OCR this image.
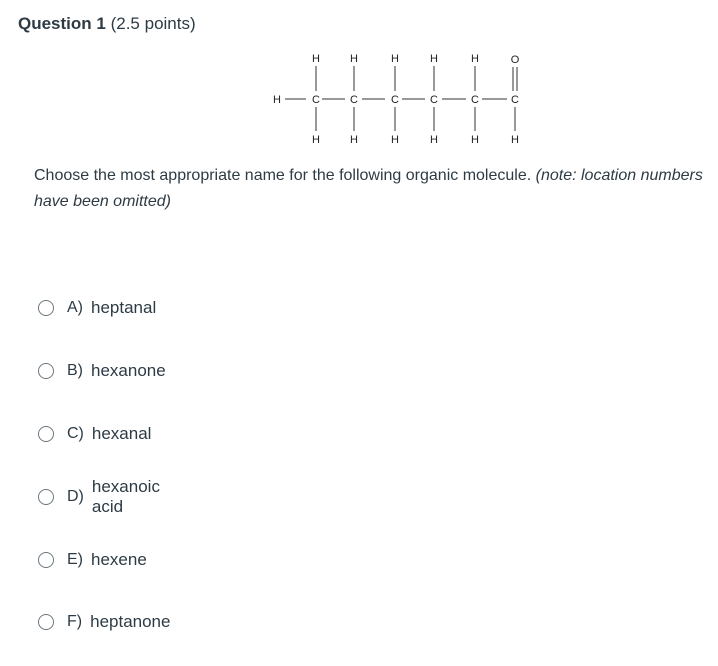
Question 1 (2.5 points)
H
H	H	H	H	H	O
C	C	C	C	C	C
H	H	H	H	H	H
Choose the most appropriate name for the following organic molecule. (note: location numbers have been omitted)
A) heptanal
B) hexanone
C) hexanal
D)
hexanoic acid
E) hexene
F) heptanone
